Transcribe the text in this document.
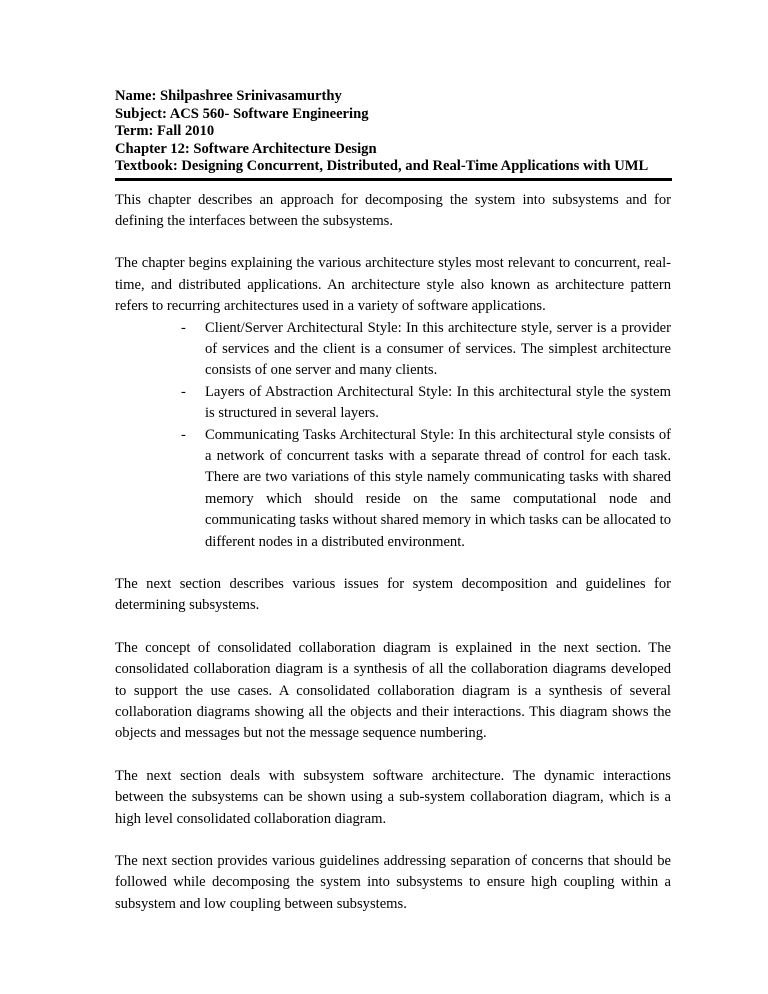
Name: Shilpashree Srinivasamurthy

Subject: ACS 560- Software Engineering

Term: Fall 2010

Chapter 12: Software Architecture Design

Textbook: Designing Concurrent, Distributed, and Real-Time Applications with UML

This chapter describes an approach for decomposing the system into subsystems and for defining the interfaces between the subsystems.

The chapter begins explaining the various architecture styles most relevant to concurrent, real-time, and distributed applications. An architecture style also known as architecture pattern refers to recurring architectures used in a variety of software applications.

- Client/Server Architectural Style: In this architecture style, server is a provider of services and the client is a consumer of services. The simplest architecture consists of one server and many clients.
- Layers of Abstraction Architectural Style: In this architectural style the system is structured in several layers.
- Communicating Tasks Architectural Style: In this architectural style consists of a network of concurrent tasks with a separate thread of control for each task. There are two variations of this style namely communicating tasks with shared memory which should reside on the same computational node and communicating tasks without shared memory in which tasks can be allocated to different nodes in a distributed environment.

The next section describes various issues for system decomposition and guidelines for determining subsystems.

The concept of consolidated collaboration diagram is explained in the next section. The consolidated collaboration diagram is a synthesis of all the collaboration diagrams developed to support the use cases. A consolidated collaboration diagram is a synthesis of several collaboration diagrams showing all the objects and their interactions. This diagram shows the objects and messages but not the message sequence numbering.

The next section deals with subsystem software architecture. The dynamic interactions between the subsystems can be shown using a sub-system collaboration diagram, which is a high level consolidated collaboration diagram.

The next section provides various guidelines addressing separation of concerns that should be followed while decomposing the system into subsystems to ensure high coupling within a subsystem and low coupling between subsystems.
